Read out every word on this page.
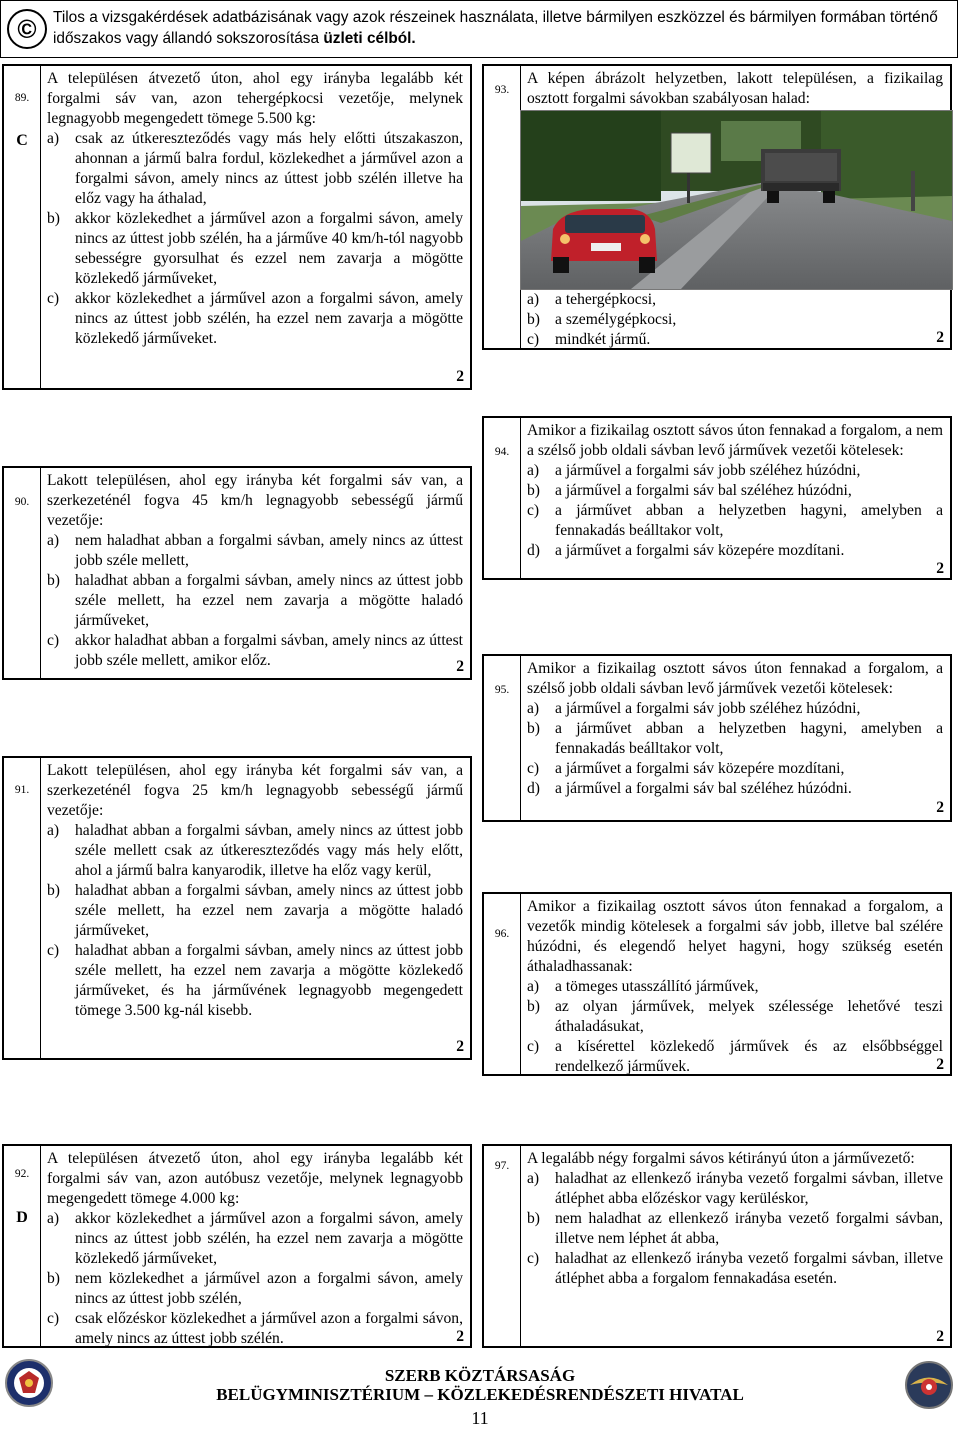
©	Tilos a vizsgakérdések adatbázisának vagy azok részeinek használata, illetve bármilyen eszközzel és bármilyen formában történő
időszakos vagy állandó sokszorosítása üzleti célból.
89.
C
A településen átvezető úton, ahol egy irányba legalább két forgalmi sáv van, azon tehergépkocsi vezetője, melynek legnagyobb megengedett tömege 5.500 kg:
a) csak az útkereszteződés vagy más hely előtti útszakaszon, ahonnan a jármű balra fordul, közlekedhet a járművel azon a forgalmi sávon, amely nincs az úttest jobb szélén illetve ha előz vagy ha áthalad,
b) akkor közlekedhet a járművel azon a forgalmi sávon, amely nincs az úttest jobb szélén, ha a járműve 40 km/h-tól nagyobb sebességre gyorsulhat és ezzel nem zavarja a mögötte közlekedő járműveket,
c) akkor közlekedhet a járművel azon a forgalmi sávon, amely nincs az úttest jobb szélén, ha ezzel nem zavarja a mögötte közlekedő járműveket.
2
93.
A képen ábrázolt helyzetben, lakott településen, a fizikailag osztott forgalmi sávokban szabályosan halad:
a) a tehergépkocsi,
b) a személygépkocsi,
c) mindkét jármű.	2
90.
Lakott településen, ahol egy irányba két forgalmi sáv van, a szerkezeténél fogva 45 km/h legnagyobb sebességű jármű vezetője:
a) nem haladhat abban a forgalmi sávban, amely nincs az úttest jobb széle mellett,
b) haladhat abban a forgalmi sávban, amely nincs az úttest jobb széle mellett, ha ezzel nem zavarja a mögötte haladó járműveket,
c) akkor haladhat abban a forgalmi sávban, amely nincs az úttest jobb széle mellett, amikor előz.	2
94.
Amikor a fizikailag osztott sávos úton fennakad a forgalom, a nem a szélső jobb oldali sávban levő járművek vezetői kötelesek:
a) a járművel a forgalmi sáv jobb széléhez húzódni,
b) a járművel a forgalmi sáv bal széléhez húzódni,
c) a járművet abban a helyzetben hagyni, amelyben a fennakadás beálltakor volt,
d) a járművet a forgalmi sáv közepére mozdítani.
2
95.
Amikor a fizikailag osztott sávos úton fennakad a forgalom, a szélső jobb oldali sávban levő járművek vezetői kötelesek:
a) a járművel a forgalmi sáv jobb széléhez húzódni,
b) a járművet abban a helyzetben hagyni, amelyben a fennakadás beálltakor volt,
c) a járművet a forgalmi sáv közepére mozdítani,
d) a járművel a forgalmi sáv bal széléhez húzódni.
2
91.
Lakott településen, ahol egy irányba két forgalmi sáv van, a szerkezeténél fogva 25 km/h legnagyobb sebességű jármű vezetője:
a) haladhat abban a forgalmi sávban, amely nincs az úttest jobb széle mellett csak az útkereszteződés vagy más hely előtt, ahol a jármű balra kanyarodik, illetve ha előz vagy kerül,
b) haladhat abban a forgalmi sávban, amely nincs az úttest jobb széle mellett, ha ezzel nem zavarja a mögötte haladó járműveket,
c) haladhat abban a forgalmi sávban, amely nincs az úttest jobb széle mellett, ha ezzel nem zavarja a mögötte közlekedő járműveket, és ha járművének legnagyobb megengedett tömege 3.500 kg-nál kisebb.
2
96.
Amikor a fizikailag osztott sávos úton fennakad a forgalom, a vezetők mindig kötelesek a forgalmi sáv jobb, illetve bal szélére húzódni, és elegendő helyet hagyni, hogy szükség esetén áthaladhassanak:
a) a tömeges utasszállító járművek,
b) az olyan járművek, melyek szélessége lehetővé teszi áthaladásukat,
c) a kísérettel közlekedő járművek és az elsőbbséggel rendelkező járművek.	2
92.
D
A településen átvezető úton, ahol egy irányba legalább két forgalmi sáv van, azon autóbusz vezetője, melynek legnagyobb megengedett tömege 4.000 kg:
a) akkor közlekedhet a járművel azon a forgalmi sávon, amely nincs az úttest jobb szélén, ha ezzel nem zavarja a mögötte közlekedő járműveket,
b) nem közlekedhet a járművel azon a forgalmi sávon, amely nincs az úttest jobb szélén,
c) csak előzéskor közlekedhet a járművel azon a forgalmi sávon, amely nincs az úttest jobb szélén.	2
97.	A legalább négy forgalmi sávos kétirányú úton a járművezető:
a) haladhat az ellenkező irányba vezető forgalmi sávban, illetve átléphet abba előzéskor vagy kerüléskor,
b) nem haladhat az ellenkező irányba vezető forgalmi sávban, illetve nem léphet át abba,
c) haladhat az ellenkező irányba vezető forgalmi sávban, illetve átléphet abba a forgalom fennakadása esetén.
2
SZERB KÖZTÁRSASÁG
BELÜGYMINISZTÉRIUM – KÖZLEKEDÉSRENDÉSZETI HIVATAL
11
